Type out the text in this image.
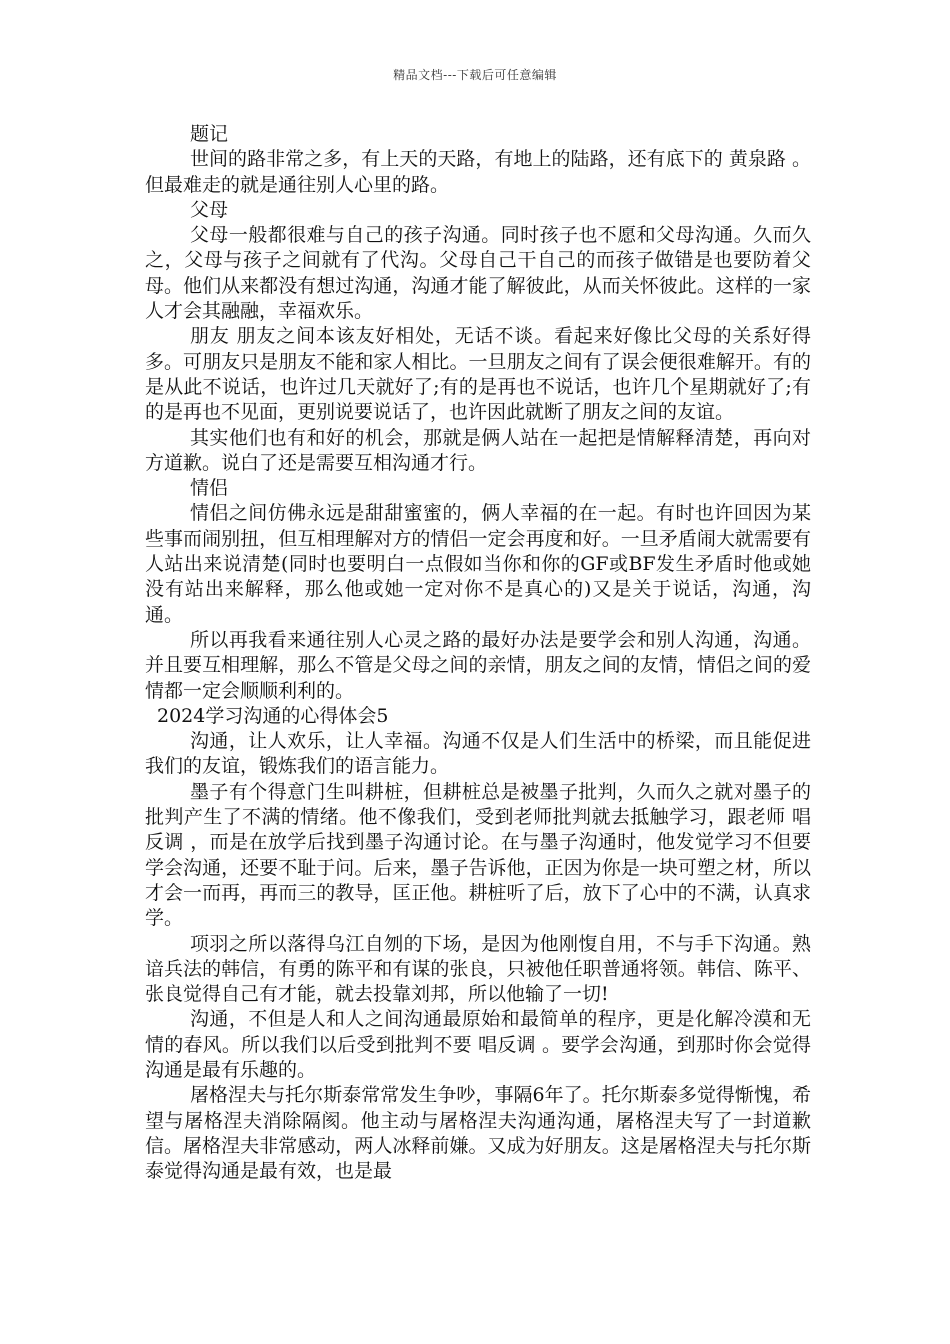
精品文档---下载后可任意编辑

题记

世间的路非常之多，有上天的天路，有地上的陆路，还有底下的 黄泉路 。但最难走的就是通往别人心里的路。

父母

父母一般都很难与自己的孩子沟通。同时孩子也不愿和父母沟通。久而久之，父母与孩子之间就有了代沟。父母自己干自己的而孩子做错是也要防着父母。他们从来都没有想过沟通，沟通才能了解彼此，从而关怀彼此。这样的一家人才会其融融，幸福欢乐。

朋友 朋友之间本该友好相处，无话不谈。看起来好像比父母的关系好得多。可朋友只是朋友不能和家人相比。一旦朋友之间有了误会便很难解开。有的是从此不说话，也许过几天就好了;有的是再也不说话，也许几个星期就好了;有的是再也不见面，更别说要说话了，也许因此就断了朋友之间的友谊。

其实他们也有和好的机会，那就是俩人站在一起把是情解释清楚，再向对方道歉。说白了还是需要互相沟通才行。

情侣

情侣之间仿佛永远是甜甜蜜蜜的，俩人幸福的在一起。有时也许回因为某些事而闹别扭，但互相理解对方的情侣一定会再度和好。一旦矛盾闹大就需要有人站出来说清楚(同时也要明白一点假如当你和你的GF或BF发生矛盾时他或她没有站出来解释，那么他或她一定对你不是真心的)又是关于说话，沟通，沟通。

所以再我看来通往别人心灵之路的最好办法是要学会和别人沟通，沟通。并且要互相理解，那么不管是父母之间的亲情，朋友之间的友情，情侣之间的爱情都一定会顺顺利利的。

2024学习沟通的心得体会5

沟通，让人欢乐，让人幸福。沟通不仅是人们生活中的桥梁，而且能促进我们的友谊，锻炼我们的语言能力。

墨子有个得意门生叫耕桩，但耕桩总是被墨子批判，久而久之就对墨子的批判产生了不满的情绪。他不像我们，受到老师批判就去抵触学习，跟老师 唱反调 ，而是在放学后找到墨子沟通讨论。在与墨子沟通时，他发觉学习不但要学会沟通，还要不耻于问。后来，墨子告诉他，正因为你是一块可塑之材，所以才会一而再，再而三的教导，匡正他。耕桩听了后，放下了心中的不满，认真求学。

项羽之所以落得乌江自刎的下场，是因为他刚愎自用，不与手下沟通。熟谙兵法的韩信，有勇的陈平和有谋的张良，只被他任职普通将领。韩信、陈平、张良觉得自己有才能，就去投靠刘邦，所以他输了一切!

沟通，不但是人和人之间沟通最原始和最简单的程序，更是化解冷漠和无情的春风。所以我们以后受到批判不要 唱反调 。要学会沟通，到那时你会觉得沟通是最有乐趣的。

屠格涅夫与托尔斯泰常常发生争吵，事隔6年了。托尔斯泰多觉得惭愧，希望与屠格涅夫消除隔阂。他主动与屠格涅夫沟通沟通，屠格涅夫写了一封道歉信。屠格涅夫非常感动，两人冰释前嫌。又成为好朋友。这是屠格涅夫与托尔斯泰觉得沟通是最有效，也是最
